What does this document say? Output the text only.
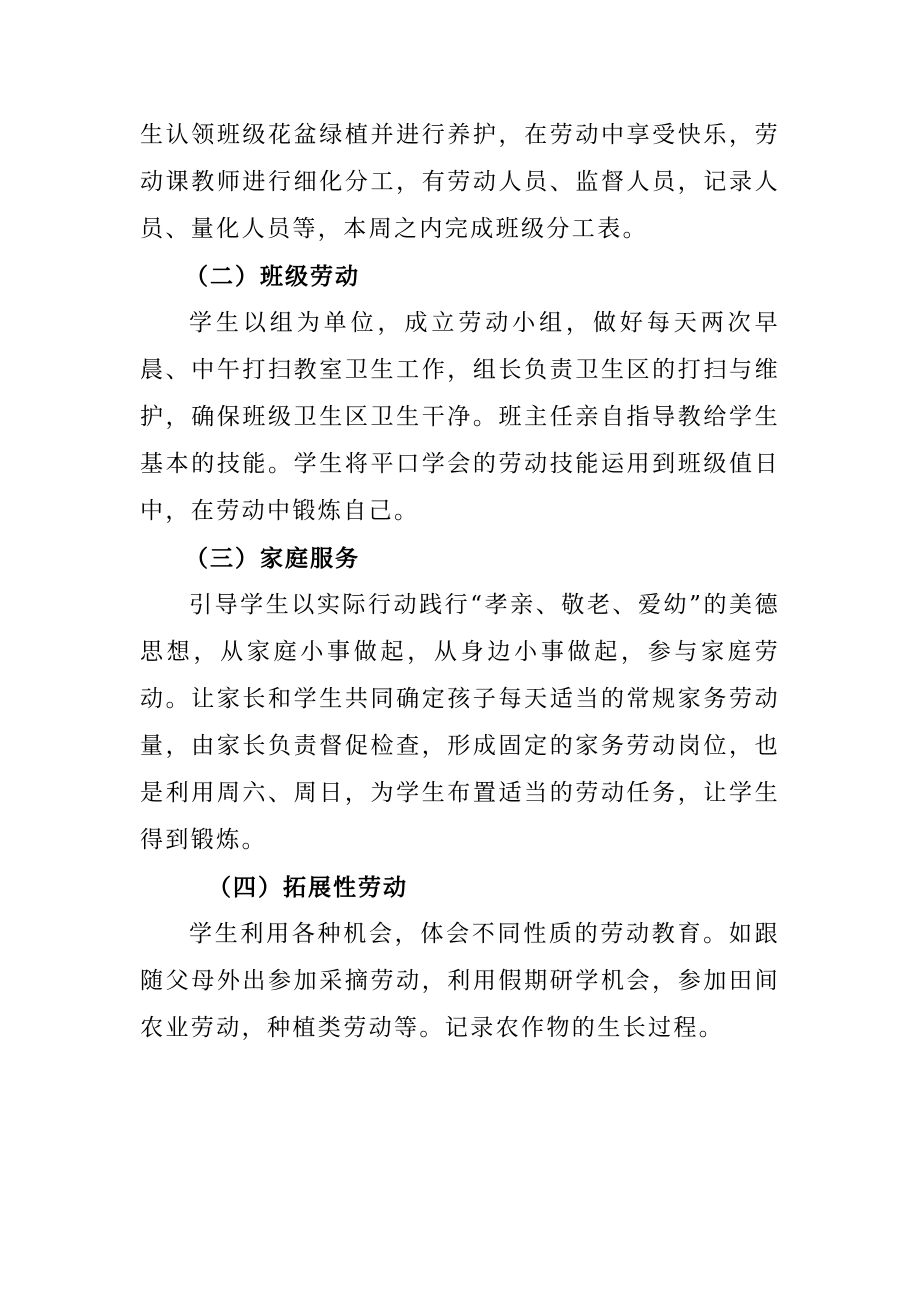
生认领班级花盆绿植并进行养护，在劳动中享受快乐，劳动课教师进行细化分工，有劳动人员、监督人员，记录人员、量化人员等，本周之内完成班级分工表。

（二）班级劳动

学生以组为单位，成立劳动小组，做好每天两次早晨、中午打扫教室卫生工作，组长负责卫生区的打扫与维护，确保班级卫生区卫生干净。班主任亲自指导教给学生基本的技能。学生将平口学会的劳动技能运用到班级值日中，在劳动中锻炼自己。

（三）家庭服务

引导学生以实际行动践行“孝亲、敬老、爱幼”的美德思想，从家庭小事做起，从身边小事做起，参与家庭劳动。让家长和学生共同确定孩子每天适当的常规家务劳动量，由家长负责督促检查，形成固定的家务劳动岗位，也是利用周六、周日，为学生布置适当的劳动任务，让学生得到锻炼。

（四）拓展性劳动

学生利用各种机会，体会不同性质的劳动教育。如跟随父母外出参加采摘劳动，利用假期研学机会，参加田间农业劳动，种植类劳动等。记录农作物的生长过程。
